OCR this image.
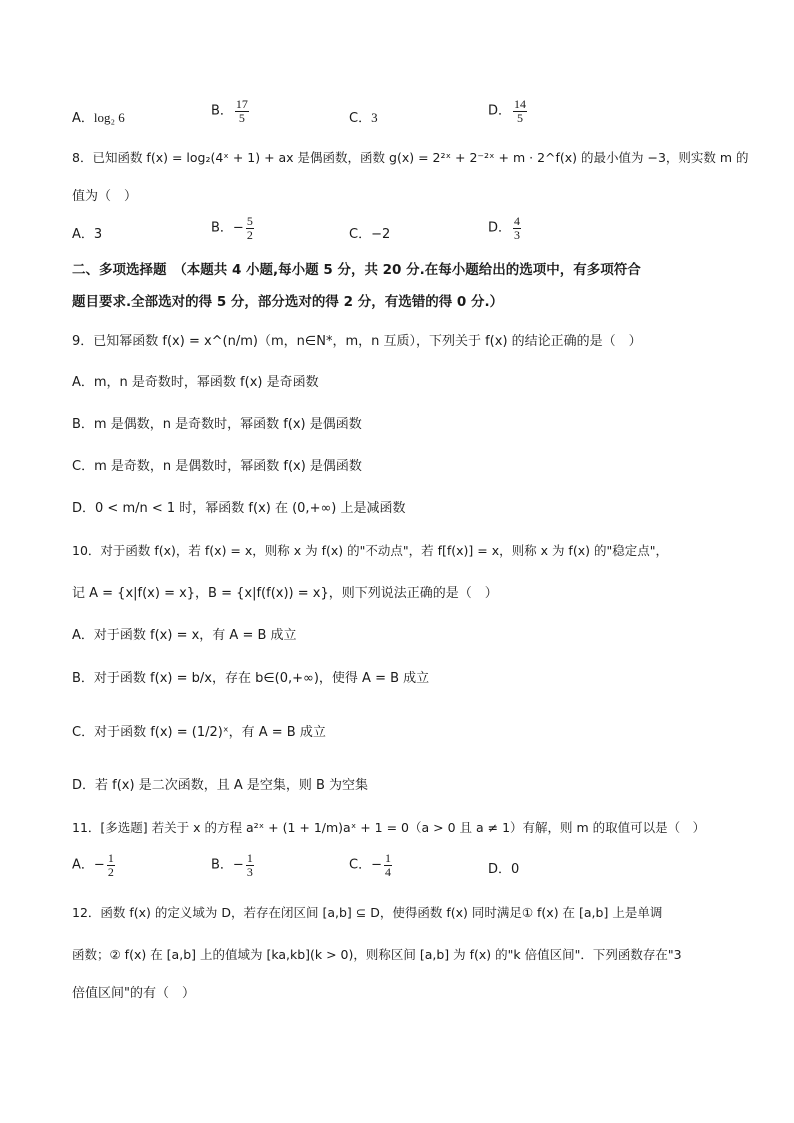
A．log₂ 6	B． $\frac{17}{5}$	C．3	D． $\frac{14}{5}$
8．已知函数 f(x) = log₂(4ˣ + 1) + ax 是偶函数，函数 g(x) = 2²ˣ + 2⁻²ˣ + m · 2^f(x) 的最小值为 −3，则实数 m 的
值为（　）
A．3	B．− $\frac{5}{2}$	C．−2	D． $\frac{4}{3}$
二、多项选择题　（本题共 4 小题,每小题 5 分，共 20 分.在每小题给出的选项中，有多项符合
题目要求.全部选对的得 5 分，部分选对的得 2 分，有选错的得 0 分.）
9．已知幂函数 f(x) = x^(n/m)（m，n∈N*，m，n 互质），下列关于 f(x) 的结论正确的是（　）
A．m，n 是奇数时，幂函数 f(x) 是奇函数
B．m 是偶数，n 是奇数时，幂函数 f(x) 是偶函数
C．m 是奇数，n 是偶数时，幂函数 f(x) 是偶函数
D．0 < m/n < 1 时，幂函数 f(x) 在 (0,+∞) 上是减函数
10．对于函数 f(x)，若 f(x) = x，则称 x 为 f(x) 的"不动点"，若 f[f(x)] = x，则称 x 为 f(x) 的"稳定点"，
记 A = {x|f(x) = x}，B = {x|f(f(x)) = x}，则下列说法正确的是（　）
A．对于函数 f(x) = x，有 A = B 成立
B．对于函数 f(x) = b/x，存在 b∈(0,+∞)，使得 A = B 成立
C．对于函数 f(x) = (1/2)ˣ，有 A = B 成立
D．若 f(x) 是二次函数，且 A 是空集，则 B 为空集
11．[多选题] 若关于 x 的方程 a²ˣ + (1 + 1/m)aˣ + 1 = 0（a > 0 且 a ≠ 1）有解，则 m 的取值可以是（　）
A．− $\frac{1}{2}$	B．− $\frac{1}{3}$	C．− $\frac{1}{4}$	D．0
12．函数 f(x) 的定义域为 D，若存在闭区间 [a,b] ⊆ D，使得函数 f(x) 同时满足① f(x) 在 [a,b] 上是单调
函数；② f(x) 在 [a,b] 上的值域为 [ka,kb](k > 0)，则称区间 [a,b] 为 f(x) 的"k 倍值区间"．下列函数存在"3
倍值区间"的有（　）
